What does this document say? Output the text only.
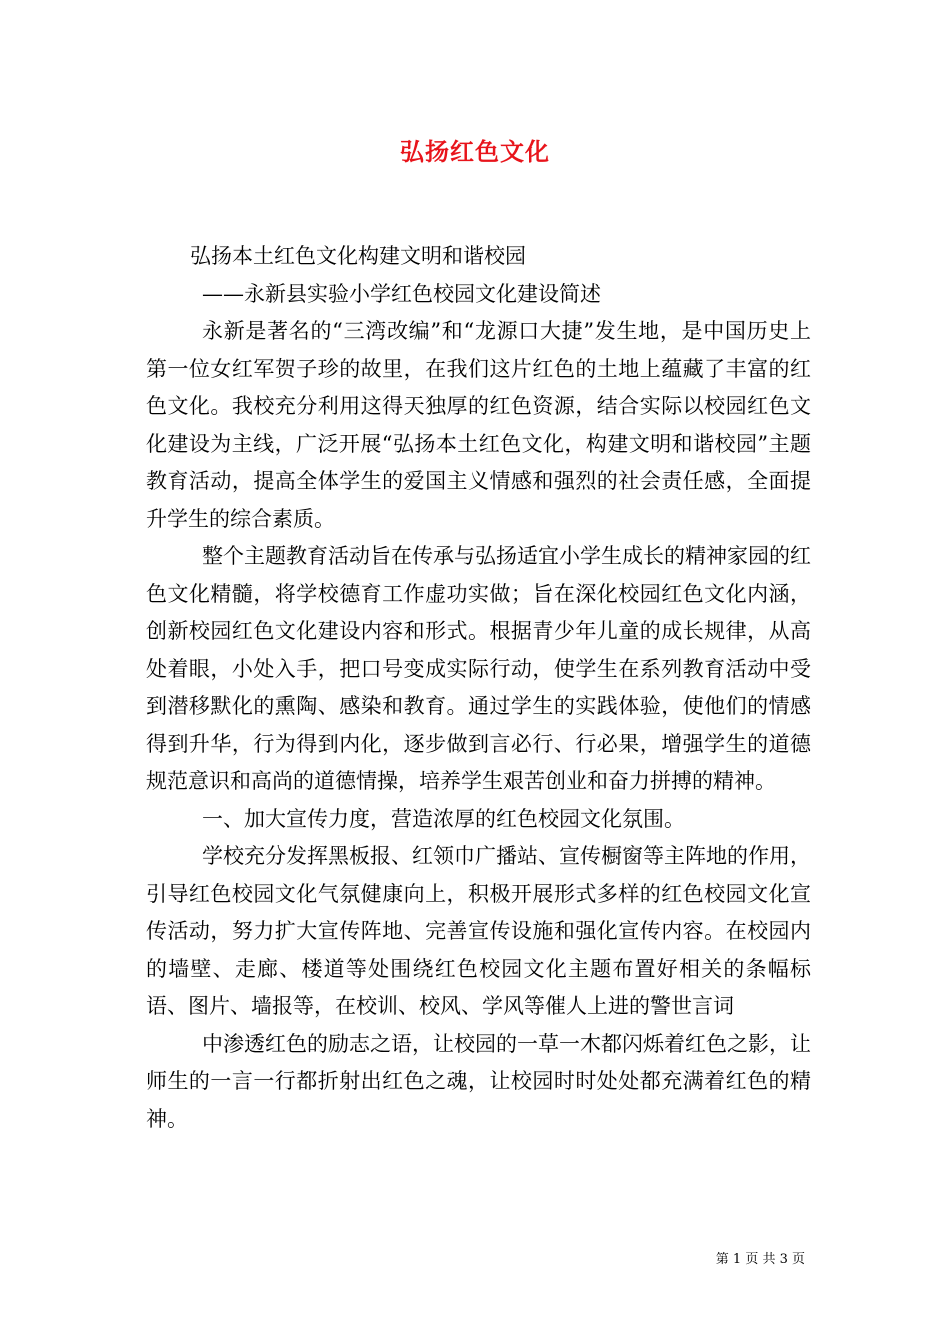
弘扬红色文化

弘扬本土红色文化构建文明和谐校园

——永新县实验小学红色校园文化建设简述

永新是著名的“三湾改编”和“龙源口大捷”发生地，是中国历史上第一位女红军贺子珍的故里，在我们这片红色的土地上蕴藏了丰富的红色文化。我校充分利用这得天独厚的红色资源，结合实际以校园红色文化建设为主线，广泛开展“弘扬本土红色文化，构建文明和谐校园”主题教育活动，提高全体学生的爱国主义情感和强烈的社会责任感，全面提升学生的综合素质。

整个主题教育活动旨在传承与弘扬适宜小学生成长的精神家园的红色文化精髓，将学校德育工作虚功实做；旨在深化校园红色文化内涵，创新校园红色文化建设内容和形式。根据青少年儿童的成长规律，从高处着眼，小处入手，把口号变成实际行动，使学生在系列教育活动中受到潜移默化的熏陶、感染和教育。通过学生的实践体验，使他们的情感得到升华，行为得到内化，逐步做到言必行、行必果，增强学生的道德规范意识和高尚的道德情操，培养学生艰苦创业和奋力拼搏的精神。

一、加大宣传力度，营造浓厚的红色校园文化氛围。

学校充分发挥黑板报、红领巾广播站、宣传橱窗等主阵地的作用，引导红色校园文化气氛健康向上，积极开展形式多样的红色校园文化宣传活动，努力扩大宣传阵地、完善宣传设施和强化宣传内容。在校园内的墙壁、走廊、楼道等处围绕红色校园文化主题布置好相关的条幅标语、图片、墙报等，在校训、校风、学风等催人上进的警世言词

中渗透红色的励志之语，让校园的一草一木都闪烁着红色之影，让师生的一言一行都折射出红色之魂，让校园时时处处都充满着红色的精神。

第 1 页 共 3 页
